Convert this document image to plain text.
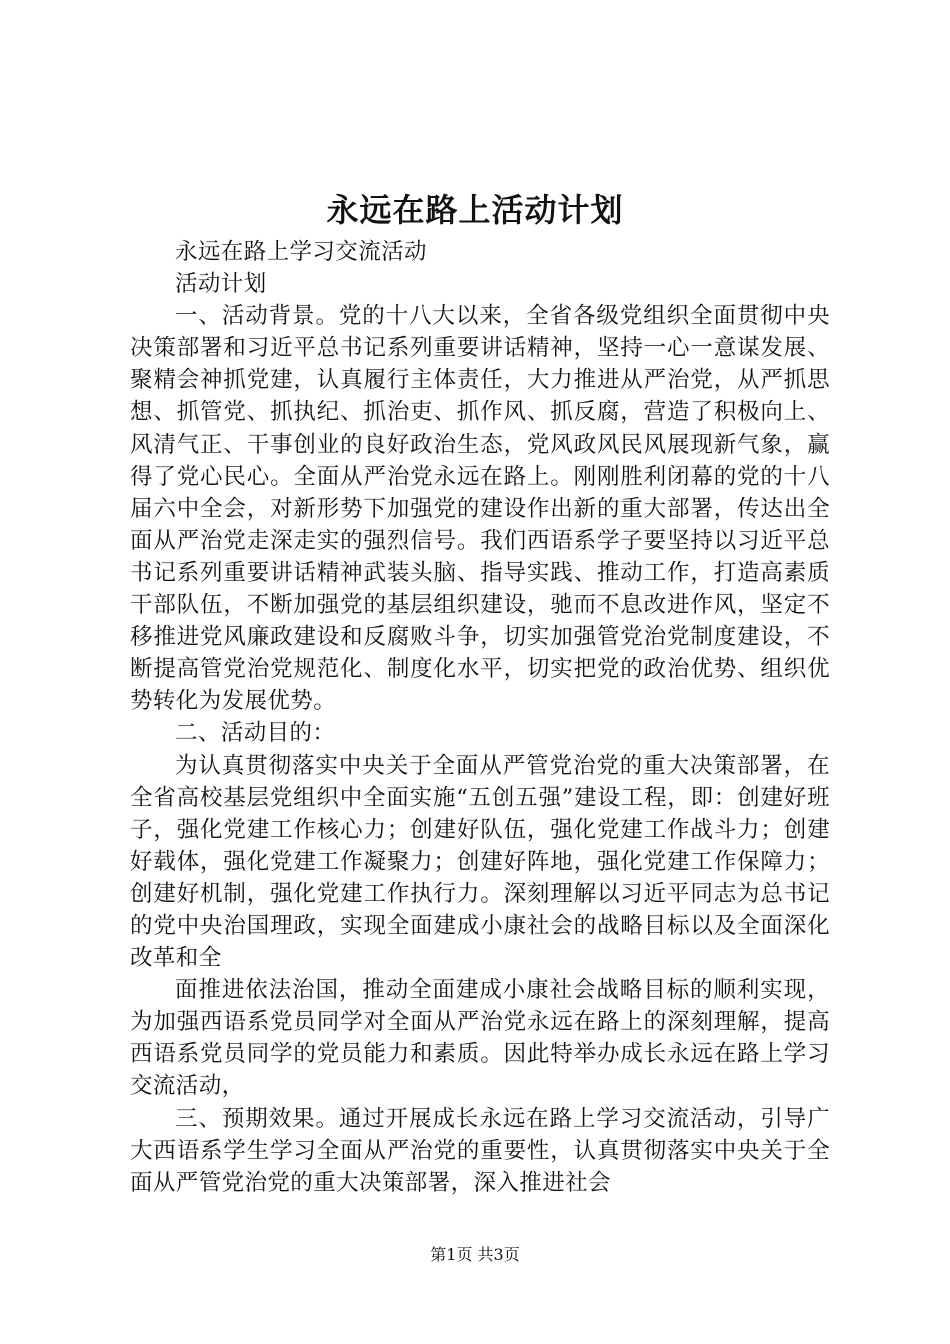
永远在路上活动计划

永远在路上学习交流活动

活动计划

一、活动背景。党的十八大以来，全省各级党组织全面贯彻中央决策部署和习近平总书记系列重要讲话精神，坚持一心一意谋发展、聚精会神抓党建，认真履行主体责任，大力推进从严治党，从严抓思想、抓管党、抓执纪、抓治吏、抓作风、抓反腐，营造了积极向上、风清气正、干事创业的良好政治生态，党风政风民风展现新气象，赢得了党心民心。全面从严治党永远在路上。刚刚胜利闭幕的党的十八届六中全会，对新形势下加强党的建设作出新的重大部署，传达出全面从严治党走深走实的强烈信号。我们西语系学子要坚持以习近平总书记系列重要讲话精神武装头脑、指导实践、推动工作，打造高素质干部队伍，不断加强党的基层组织建设，驰而不息改进作风，坚定不移推进党风廉政建设和反腐败斗争，切实加强管党治党制度建设，不断提高管党治党规范化、制度化水平，切实把党的政治优势、组织优势转化为发展优势。

二、活动目的：

为认真贯彻落实中央关于全面从严管党治党的重大决策部署，在全省高校基层党组织中全面实施“五创五强”建设工程，即：创建好班子，强化党建工作核心力；创建好队伍，强化党建工作战斗力；创建好载体，强化党建工作凝聚力；创建好阵地，强化党建工作保障力；创建好机制，强化党建工作执行力。深刻理解以习近平同志为总书记的党中央治国理政，实现全面建成小康社会的战略目标以及全面深化改革和全

面推进依法治国，推动全面建成小康社会战略目标的顺利实现，为加强西语系党员同学对全面从严治党永远在路上的深刻理解，提高西语系党员同学的党员能力和素质。因此特举办成长永远在路上学习交流活动，

三、预期效果。通过开展成长永远在路上学习交流活动，引导广大西语系学生学习全面从严治党的重要性，认真贯彻落实中央关于全面从严管党治党的重大决策部署，深入推进社会

第1页 共3页
